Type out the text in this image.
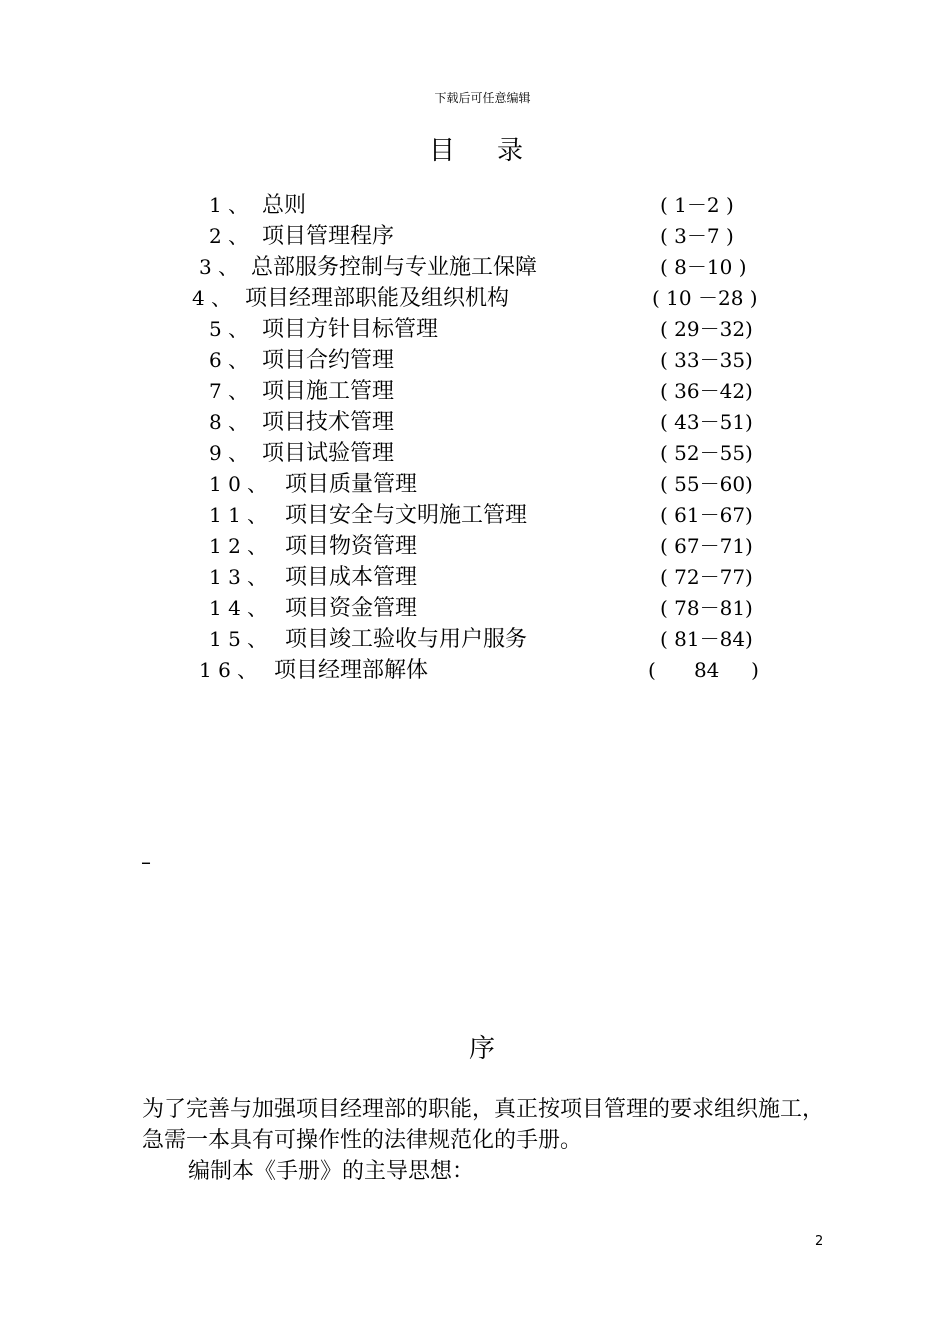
下载后可任意编辑
目 录
1 、 总则	( 1－2 )
2 、 项目管理程序	( 3－7 )
3 、 总部服务控制与专业施工保障	( 8－10 )
4 、 项目经理部职能及组织机构	( 10 －28 )
5 、 项目方针目标管理	( 29－32)
6 、 项目合约管理	( 33－35)
7 、 项目施工管理	( 36－42)
8 、 项目技术管理	( 43－51)
9 、 项目试验管理	( 52－55)
1 0 、 项目质量管理	( 55－60)
1 1 、 项目安全与文明施工管理	( 61－67)
1 2 、 项目物资管理	( 67－71)
1 3 、 项目成本管理	( 72－77)
1 4 、 项目资金管理	( 78－81)
1 5 、 项目竣工验收与用户服务	( 81－84)
1 6 、 项目经理部解体	(      84     )
–
序
为了完善与加强项目经理部的职能，真正按项目管理的要求组织施工，急需一本具有可操作性的法律规范化的手册。
编制本《手册》的主导思想：
2
